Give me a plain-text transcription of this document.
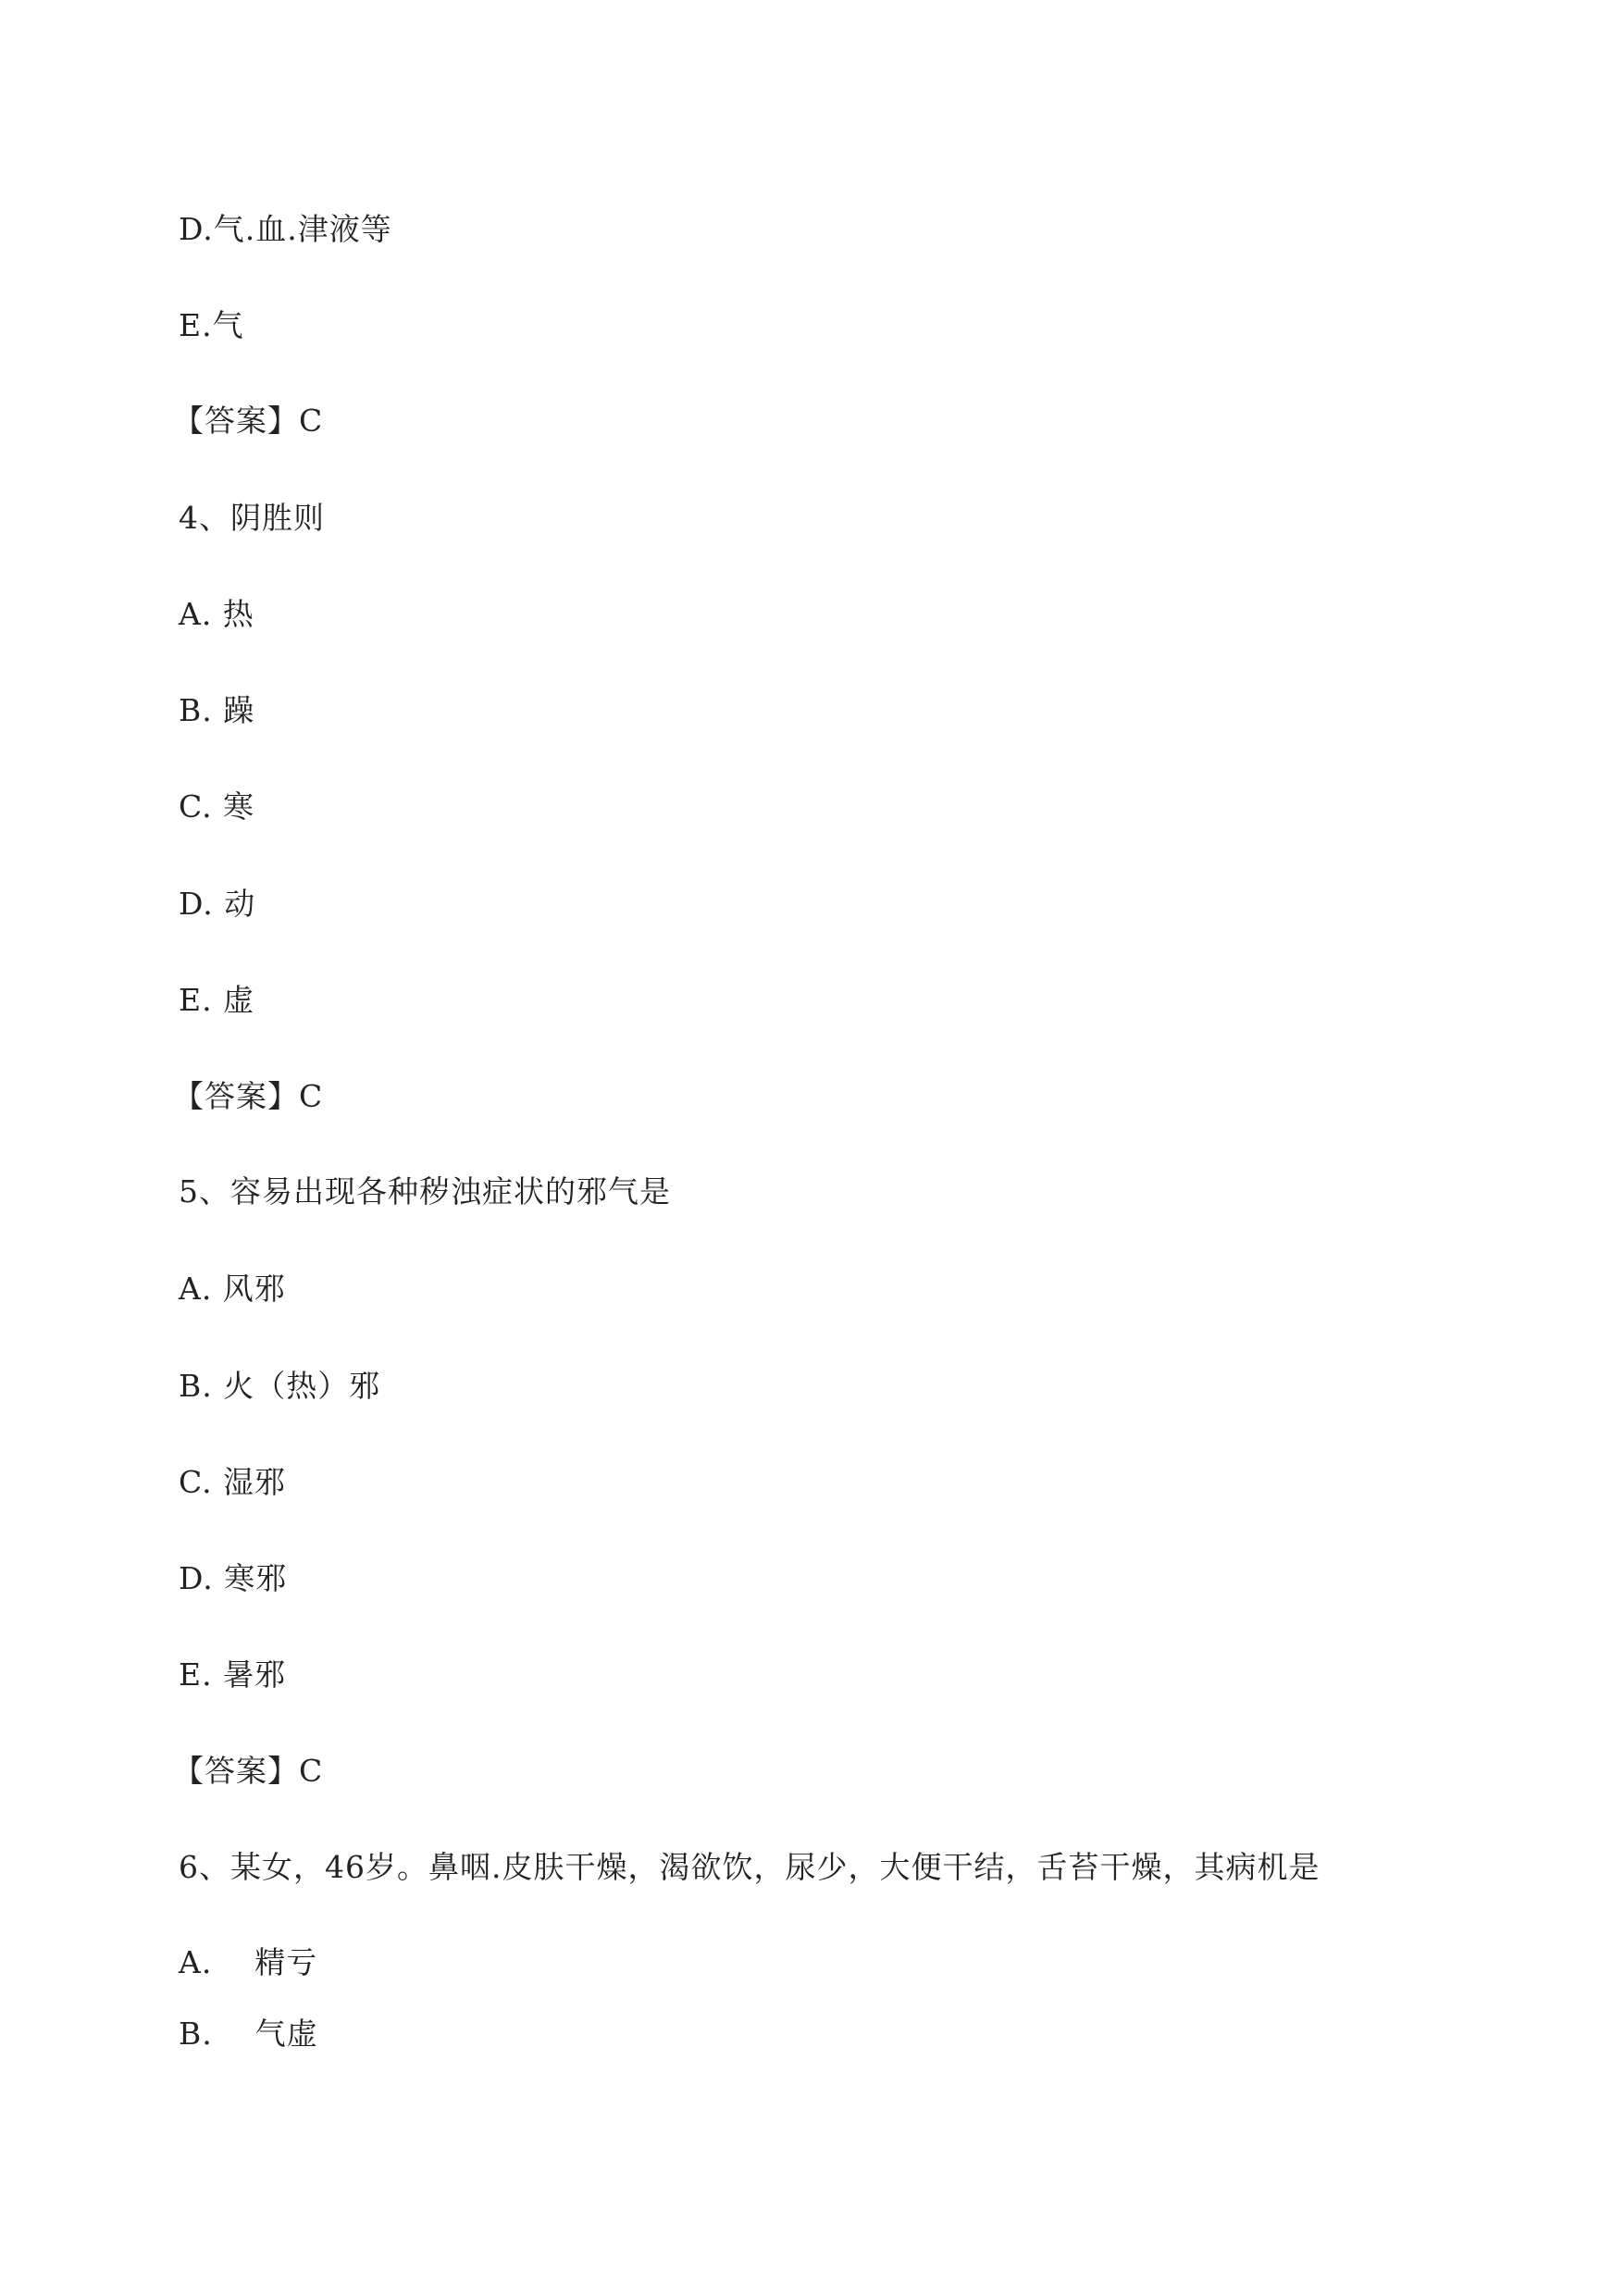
D.气.血.津液等
E.气
【答案】C
4、阴胜则
A. 热
B. 躁
C. 寒
D. 动
E. 虚
【答案】C
5、容易出现各种秽浊症状的邪气是
A. 风邪
B. 火（热）邪
C. 湿邪
D. 寒邪
E. 暑邪
【答案】C
6、某女，46岁。鼻咽.皮肤干燥，渴欲饮，尿少，大便干结，舌苔干燥，其病机是
A.    精亏
B.    气虚
